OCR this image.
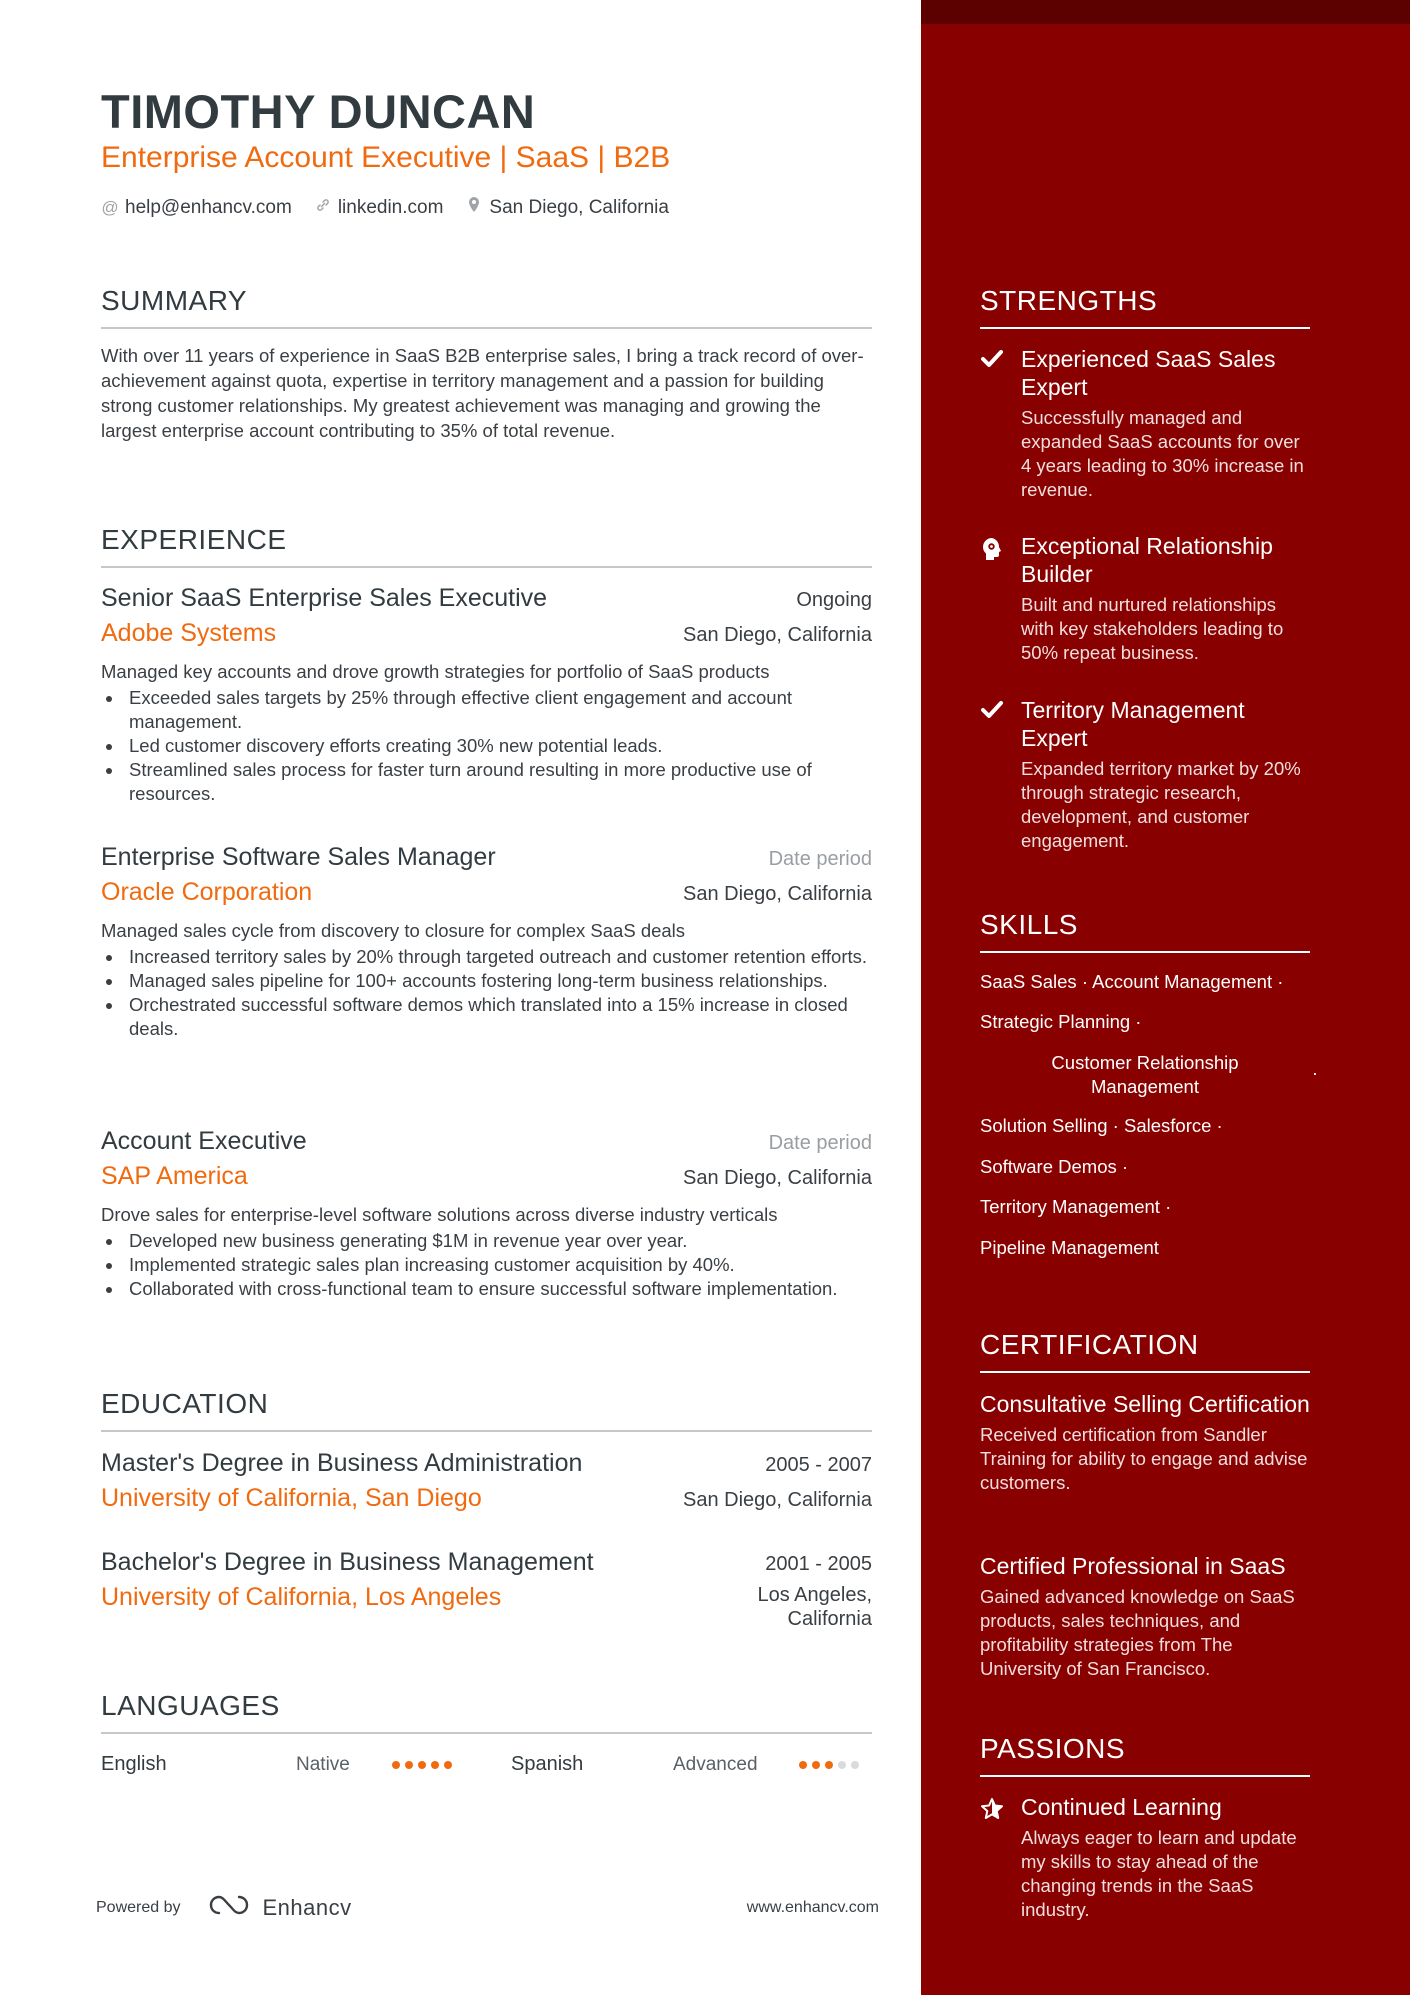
TIMOTHY DUNCAN
Enterprise Account Executive | SaaS | B2B
@ help@enhancv.com linkedin.com San Diego, California
SUMMARY
With over 11 years of experience in SaaS B2B enterprise sales, I bring a track record of over-achievement against quota, expertise in territory management and a passion for building strong customer relationships. My greatest achievement was managing and growing the largest enterprise account contributing to 35% of total revenue.
EXPERIENCE
Senior SaaS Enterprise Sales Executive	Ongoing
Adobe Systems	San Diego, California
Managed key accounts and drove growth strategies for portfolio of SaaS products
Exceeded sales targets by 25% through effective client engagement and account management.
Led customer discovery efforts creating 30% new potential leads.
Streamlined sales process for faster turn around resulting in more productive use of resources.
Enterprise Software Sales Manager	Date period
Oracle Corporation	San Diego, California
Managed sales cycle from discovery to closure for complex SaaS deals
Increased territory sales by 20% through targeted outreach and customer retention efforts.
Managed sales pipeline for 100+ accounts fostering long-term business relationships.
Orchestrated successful software demos which translated into a 15% increase in closed deals.
Account Executive	Date period
SAP America	San Diego, California
Drove sales for enterprise-level software solutions across diverse industry verticals
Developed new business generating $1M in revenue year over year.
Implemented strategic sales plan increasing customer acquisition by 40%.
Collaborated with cross-functional team to ensure successful software implementation.
EDUCATION
Master's Degree in Business Administration	2005 - 2007
University of California, San Diego	San Diego, California
Bachelor's Degree in Business Management	2001 - 2005
University of California, Los Angeles	Los Angeles,
California
LANGUAGES
English	Native	Spanish	Advanced
Powered by	Enhancv	www.enhancv.com
STRENGTHS
Experienced SaaS Sales Expert
Successfully managed and expanded SaaS accounts for over 4 years leading to 30% increase in revenue.
Exceptional Relationship Builder
Built and nurtured relationships with key stakeholders leading to 50% repeat business.
Territory Management Expert
Expanded territory market by 20% through strategic research, development, and customer engagement.
SKILLS
SaaS Sales · Account Management ·
Strategic Planning ·
Customer Relationship
Management
·
Solution Selling · Salesforce ·
Software Demos ·
Territory Management ·
Pipeline Management
CERTIFICATION
Consultative Selling Certification
Received certification from Sandler Training for ability to engage and advise customers.
Certified Professional in SaaS
Gained advanced knowledge on SaaS products, sales techniques, and profitability strategies from The University of San Francisco.
PASSIONS
Continued Learning
Always eager to learn and update my skills to stay ahead of the changing trends in the SaaS industry.
